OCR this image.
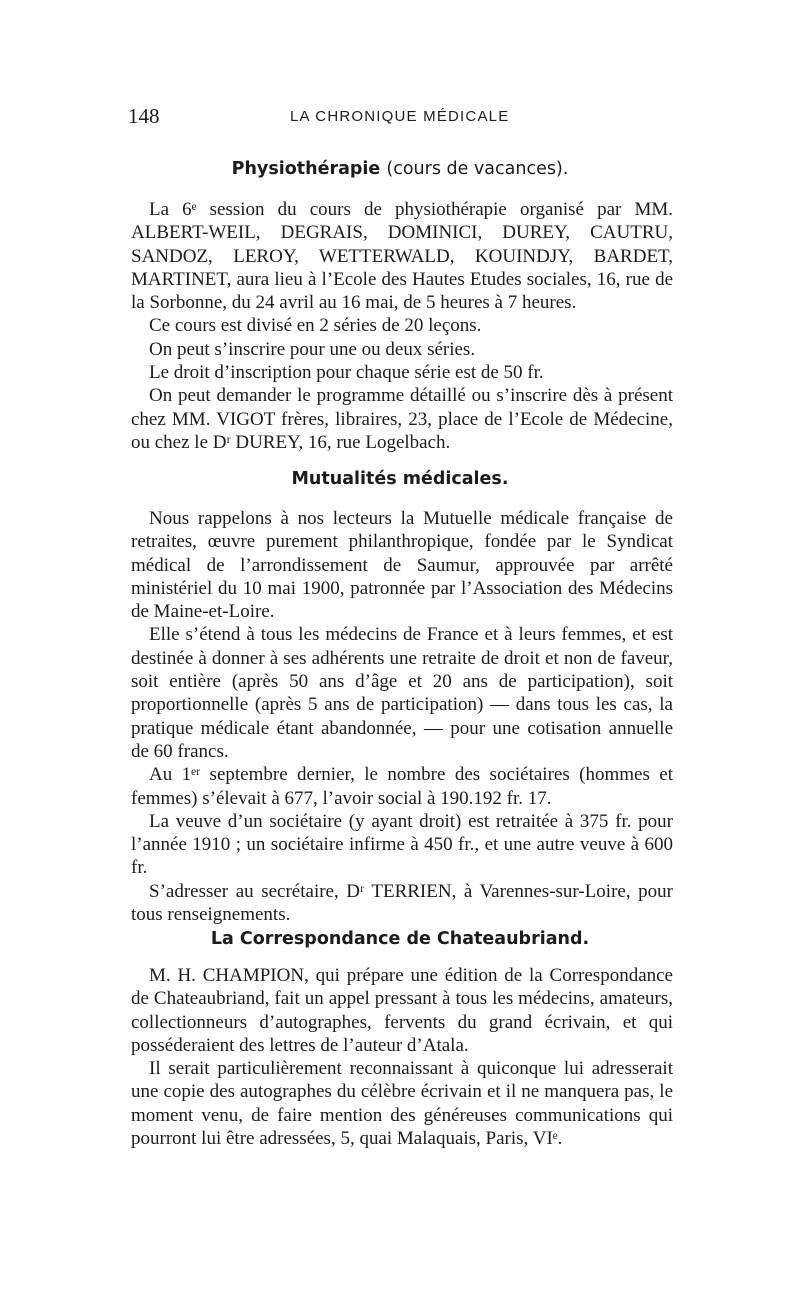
148	LA CHRONIQUE MÉDICALE
Physiothérapie (cours de vacances).

La 6ᵉ session du cours de physiothérapie organisé par MM. ALBERT-WEIL, DEGRAIS, DOMINICI, DUREY, CAUTRU, SANDOZ, LEROY, WETTERWALD, KOUINDJY, BARDET, MARTINET, aura lieu à l’Ecole des Hautes Etudes sociales, 16, rue de la Sorbonne, du 24 avril au 16 mai, de 5 heures à 7 heures.

Ce cours est divisé en 2 séries de 20 leçons.

On peut s’inscrire pour une ou deux séries.

Le droit d’inscription pour chaque série est de 50 fr.

On peut demander le programme détaillé ou s’inscrire dès à présent chez MM. VIGOT frères, libraires, 23, place de l’Ecole de Médecine, ou chez le Dʳ DUREY, 16, rue Logelbach.

Mutualités médicales.

Nous rappelons à nos lecteurs la Mutuelle médicale française de retraites, œuvre purement philanthropique, fondée par le Syndicat médical de l’arrondissement de Saumur, approuvée par arrêté ministériel du 10 mai 1900, patronnée par l’Association des Médecins de Maine-et-Loire.

Elle s’étend à tous les médecins de France et à leurs femmes, et est destinée à donner à ses adhérents une retraite de droit et non de faveur, soit entière (après 50 ans d’âge et 20 ans de participation), soit proportionnelle (après 5 ans de participation) — dans tous les cas, la pratique médicale étant abandonnée, — pour une cotisation annuelle de 60 francs.

Au 1ᵉʳ septembre dernier, le nombre des sociétaires (hommes et femmes) s’élevait à 677, l’avoir social à 190.192 fr. 17.

La veuve d’un sociétaire (y ayant droit) est retraitée à 375 fr. pour l’année 1910 ; un sociétaire infirme à 450 fr., et une autre veuve à 600 fr.

S’adresser au secrétaire, Dʳ TERRIEN, à Varennes-sur-Loire, pour tous renseignements.

La Correspondance de Chateaubriand.

M. H. CHAMPION, qui prépare une édition de la Correspondance de Chateaubriand, fait un appel pressant à tous les médecins, amateurs, collectionneurs d’autographes, fervents du grand écrivain, et qui posséderaient des lettres de l’auteur d’Atala.

Il serait particulièrement reconnaissant à quiconque lui adresserait une copie des autographes du célèbre écrivain et il ne manquera pas, le moment venu, de faire mention des généreuses communications qui pourront lui être adressées, 5, quai Malaquais, Paris, VIᵉ.
